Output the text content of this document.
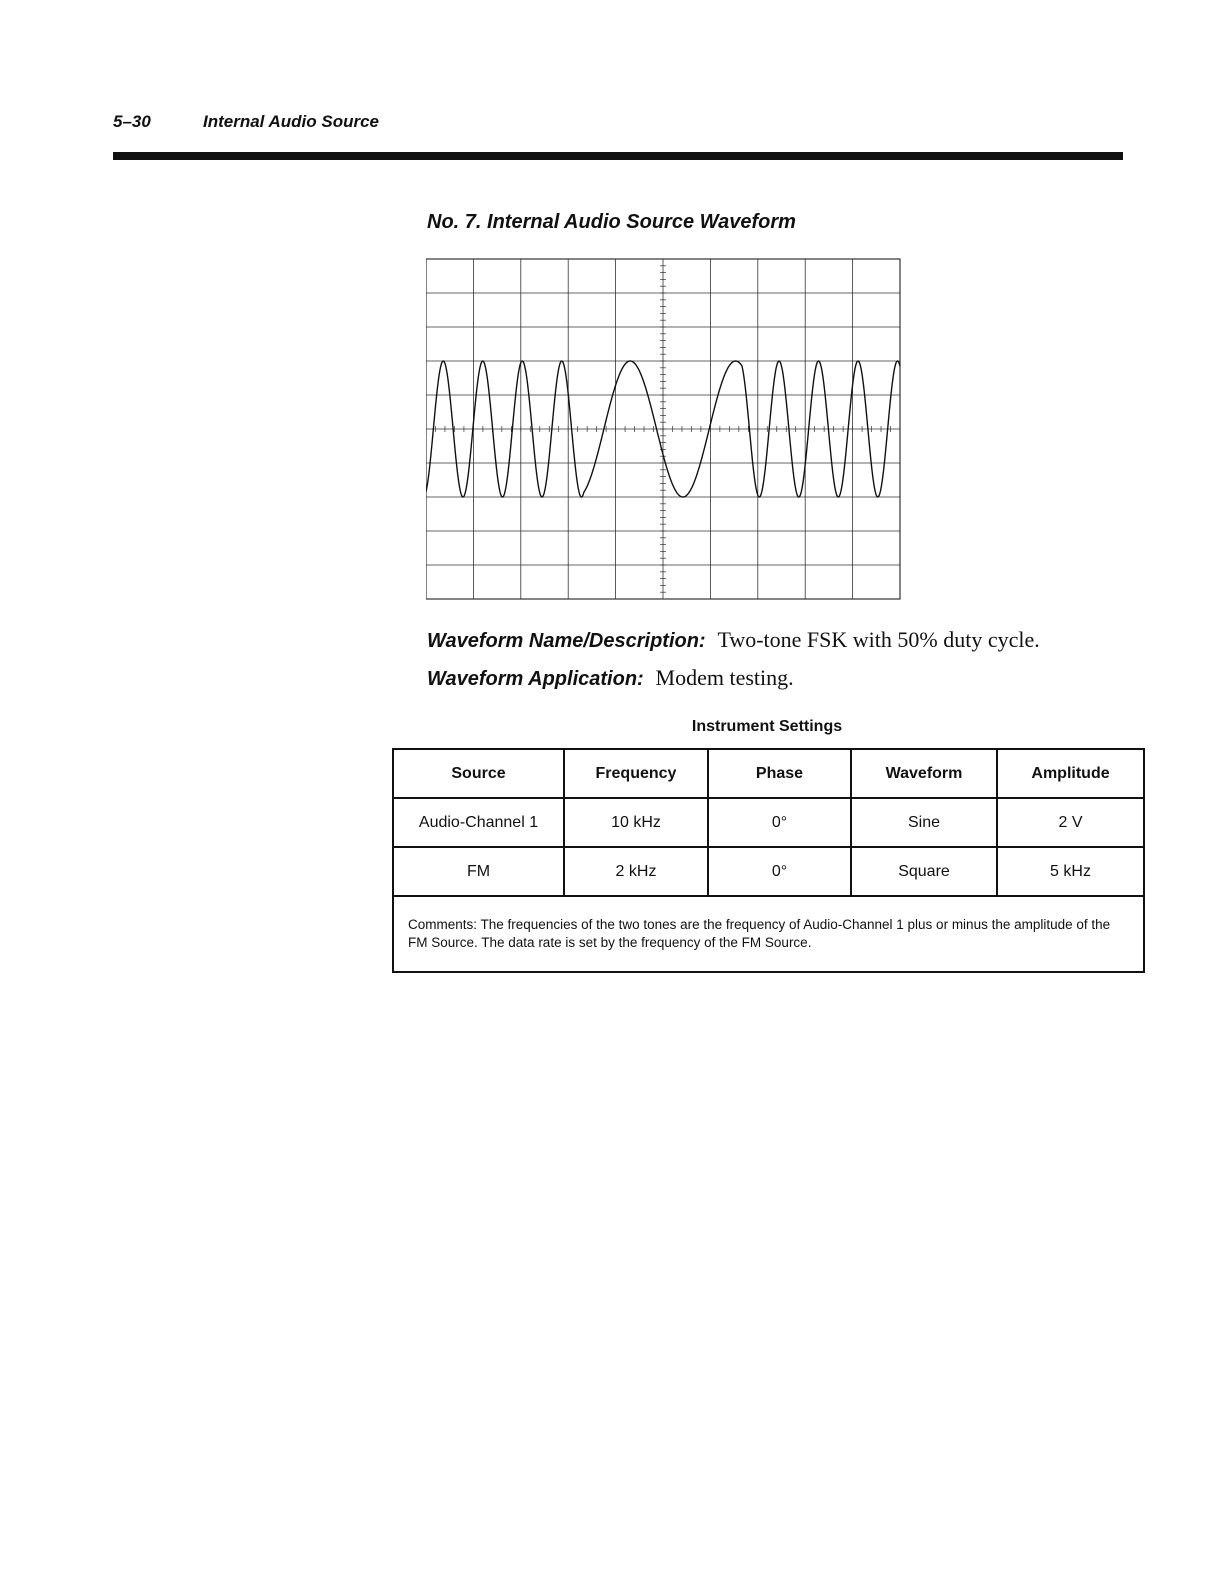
5–30	Internal Audio Source
No. 7. Internal Audio Source Waveform
Waveform Name/Description: Two-tone FSK with 50% duty cycle.
Waveform Application: Modem testing.
Instrument Settings
Source	Frequency	Phase	Waveform	Amplitude
Audio-Channel 1	10 kHz	0°	Sine	2 V
FM	2 kHz	0°	Square	5 kHz
Comments: The frequencies of the two tones are the frequency of Audio-Channel 1 plus or minus the amplitude of the FM Source. The data rate is set by the frequency of the FM Source.				
